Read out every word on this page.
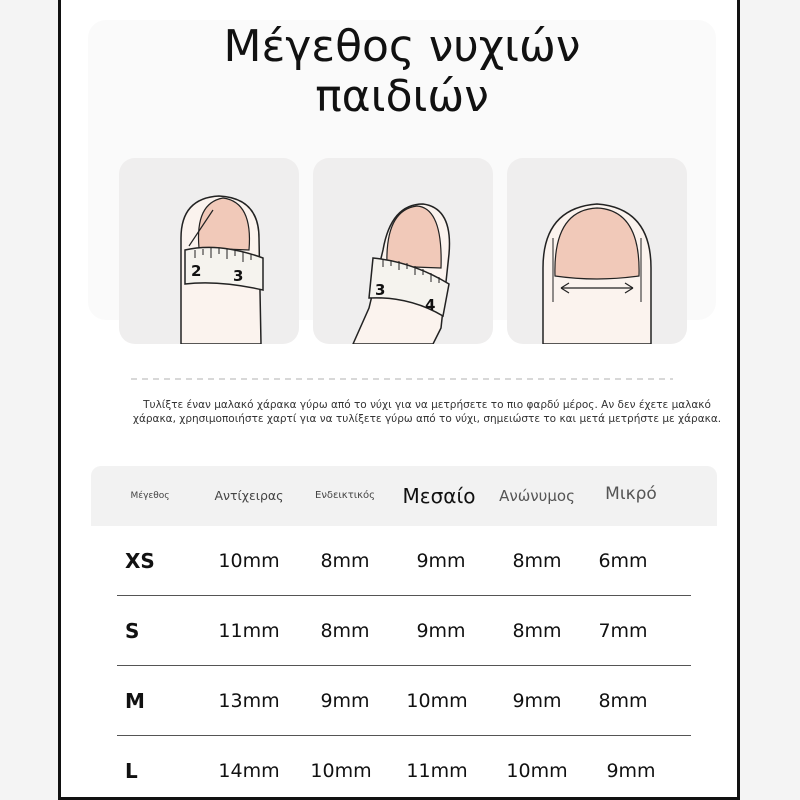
Μέγεθος νυχιών
παιδιών
2 3
3
4
Τυλίξτε έναν μαλακό χάρακα γύρω από το νύχι για να μετρήσετε το πιο φαρδύ μέρος. Αν δεν έχετε μαλακό χάρακα, χρησιμοποιήστε χαρτί για να τυλίξετε γύρω από το νύχι, σημειώστε το και μετά μετρήστε με χάρακα.
Μέγεθος	Αντίχειρας	Ενδεικτικός	Μεσαίο	Ανώνυμος	Μικρό
XS	10mm	8mm	9mm	8mm	6mm
S	11mm	8mm	9mm	8mm	7mm
M	13mm	9mm	10mm	9mm	8mm
L	14mm	10mm	11mm	10mm	9mm
